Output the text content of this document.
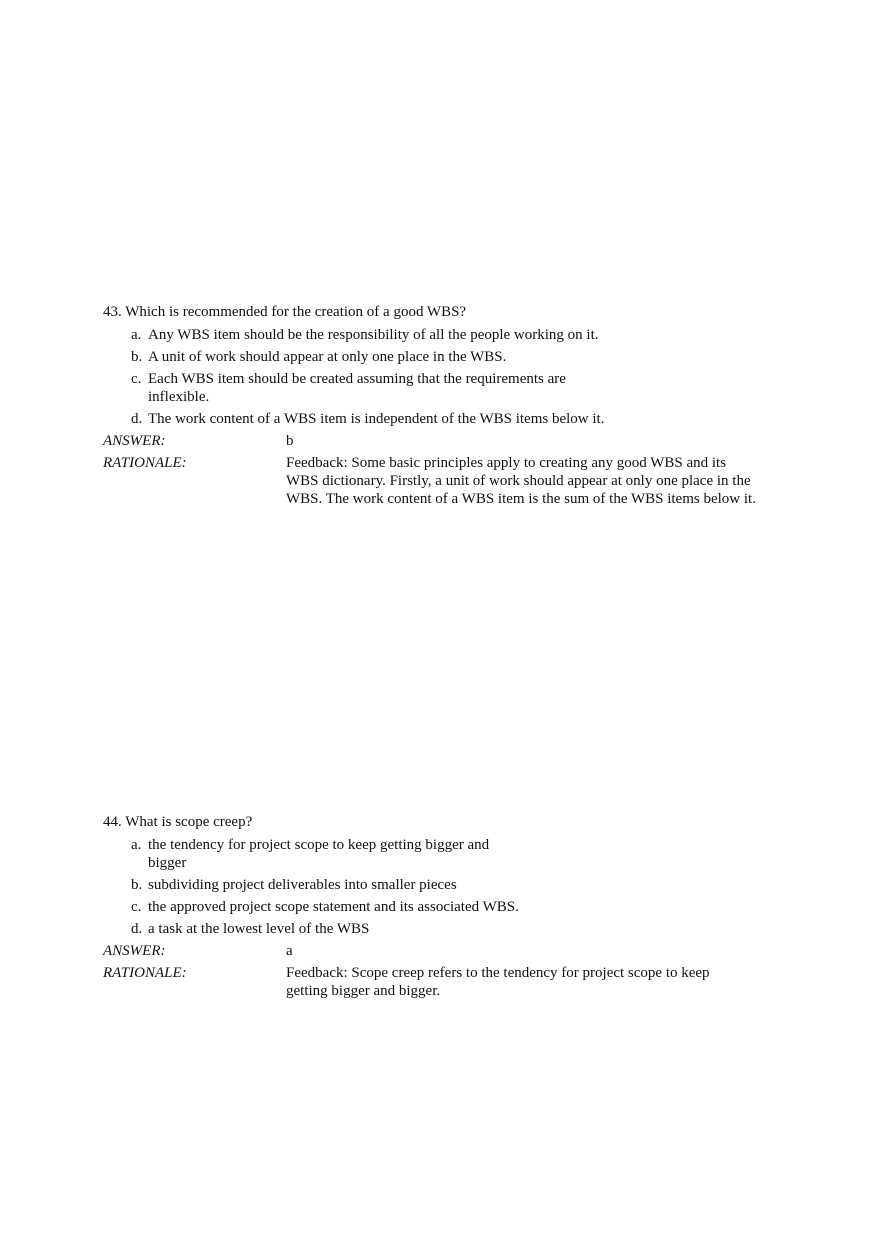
43. Which is recommended for the creation of a good WBS?

a. Any WBS item should be the responsibility of all the people working on it.
b. A unit of work should appear at only one place in the WBS.
c. Each WBS item should be created assuming that the requirements are inflexible.
d. The work content of a WBS item is independent of the WBS items below it.
ANSWER:	b
RATIONALE:	Feedback: Some basic principles apply to creating any good WBS and its WBS dictionary. Firstly, a unit of work should appear at only one place in the WBS. The work content of a WBS item is the sum of the WBS items below it.

44. What is scope creep?

a. the tendency for project scope to keep getting bigger and bigger
b. subdividing project deliverables into smaller pieces
c. the approved project scope statement and its associated WBS.
d. a task at the lowest level of the WBS
ANSWER:	a
RATIONALE:	Feedback: Scope creep refers to the tendency for project scope to keep getting bigger and bigger.
